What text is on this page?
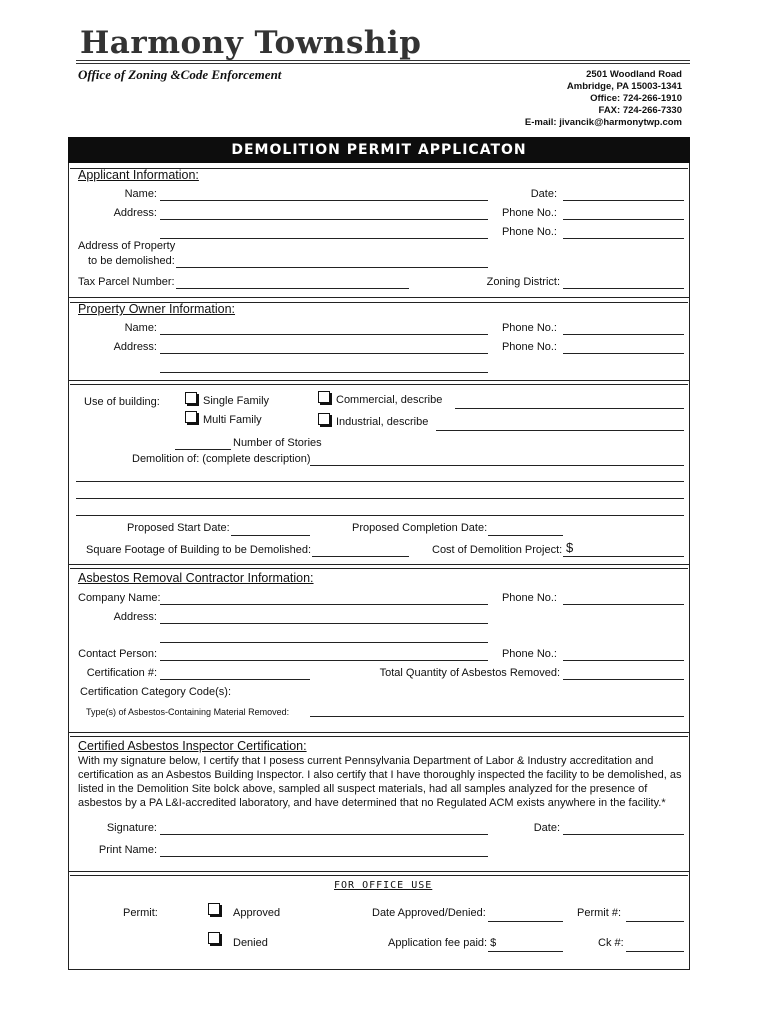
Harmony Township
Office of Zoning &Code Enforcement	2501 Woodland Road
Ambridge, PA 15003-1341
Office: 724-266-1910
FAX: 724-266-7330
E-mail: jivancik@harmonytwp.com
DEMOLITION PERMIT APPLICATON
Applicant Information:
Name:	Date:
Address:	Phone No.:
Phone No.:
Address of Property
to be demolished:
Tax Parcel Number:	Zoning District:
Property Owner Information:
Name:	Phone No.:
Address:	Phone No.:
Use of building:	Single Family
Multi Family
Commercial, describe
Industrial, describe
Number of Stories
Demolition of: (complete description)
Proposed Start Date:	Proposed Completion Date:
Square Footage of Building to be Demolished:	Cost of Demolition Project: $
Asbestos Removal Contractor Information:
Company Name:	Phone No.:
Address:
Contact Person:	Phone No.:
Certification #:	Total Quantity of Asbestos Removed:
Certification Category Code(s):
Type(s) of Asbestos-Containing Material Removed:
Certified Asbestos Inspector Certification:
With my signature below, I certify that I posess current Pennsylvania Department of Labor & Industry accreditation and certification as an Asbestos Building Inspector. I also certify that I have thoroughly inspected the facility to be demolished, as listed in the Demolition Site bolck above, sampled all suspect materials, had all samples analyzed for the presence of asbestos by a PA L&I-accredited laboratory, and have determined that no Regulated ACM exists anywhere in the facility.*
Signature:	Date:
Print Name:
FOR OFFICE USE
Permit:	Approved
Denied
Date Approved/Denied:	Permit #:
Application fee paid: $	Ck #:
